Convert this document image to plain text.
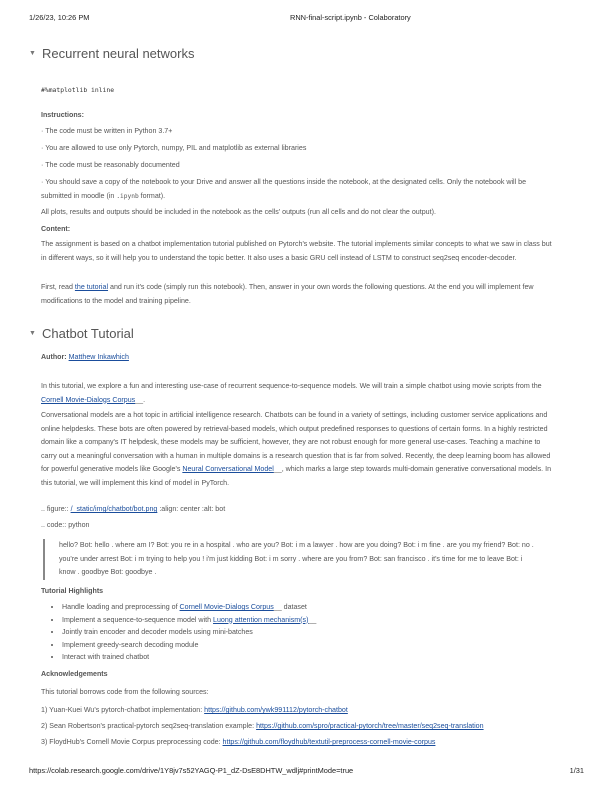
1/26/23, 10:26 PM	RNN-final-script.ipynb - Colaboratory
▼ Recurrent neural networks
#%matplotlib inline
Instructions:
· The code must be written in Python 3.7+
· You are allowed to use only Pytorch, numpy, PIL and matplotlib as external libraries
· The code must be reasonably documented
· You should save a copy of the notebook to your Drive and answer all the questions inside the notebook, at the designated cells. Only the notebook will be submitted in moodle (in .ipynb format).
All plots, results and outputs should be included in the notebook as the cells' outputs (run all cells and do not clear the output).
Content:
The assignment is based on a chatbot implementation tutorial published on Pytorch's website. The tutorial implements similar concepts to what we saw in class but in different ways, so it will help you to understand the topic better. It also uses a basic GRU cell instead of LSTM to construct seq2seq encoder-decoder.
First, read the tutorial and run it's code (simply run this notebook). Then, answer in your own words the following questions. At the end you will implement few modifications to the model and training pipeline.
▼ Chatbot Tutorial
Author: Matthew Inkawhich
In this tutorial, we explore a fun and interesting use-case of recurrent sequence-to-sequence models. We will train a simple chatbot using movie scripts from the Cornell Movie-Dialogs Corpus__.
Conversational models are a hot topic in artificial intelligence research. Chatbots can be found in a variety of settings, including customer service applications and online helpdesks. These bots are often powered by retrieval-based models, which output predefined responses to questions of certain forms. In a highly restricted domain like a company's IT helpdesk, these models may be sufficient, however, they are not robust enough for more general use-cases. Teaching a machine to carry out a meaningful conversation with a human in multiple domains is a research question that is far from solved. Recently, the deep learning boom has allowed for powerful generative models like Google's Neural Conversational Model__, which marks a large step towards multi-domain generative conversational models. In this tutorial, we will implement this kind of model in PyTorch.
.. figure:: /_static/img/chatbot/bot.png :align: center :alt: bot
.. code:: python
hello? Bot: hello . where am I? Bot: you re in a hospital . who are you? Bot: i m a lawyer . how are you doing? Bot: i m fine . are you my friend? Bot: no . you're under arrest Bot: i m trying to help you ! i'm just kidding Bot: i m sorry . where are you from? Bot: san francisco . it's time for me to leave Bot: i know . goodbye Bot: goodbye .
Tutorial Highlights
• Handle loading and preprocessing of Cornell Movie-Dialogs Corpus__ dataset
• Implement a sequence-to-sequence model with Luong attention mechanism(s)__
• Jointly train encoder and decoder models using mini-batches
• Implement greedy-search decoding module
• Interact with trained chatbot
Acknowledgements
This tutorial borrows code from the following sources:
1) Yuan-Kuei Wu's pytorch-chatbot implementation: https://github.com/ywk991112/pytorch-chatbot
2) Sean Robertson's practical-pytorch seq2seq-translation example: https://github.com/spro/practical-pytorch/tree/master/seq2seq-translation
3) FloydHub's Cornell Movie Corpus preprocessing code: https://github.com/floydhub/textutil-preprocess-cornell-movie-corpus
https://colab.research.google.com/drive/1Y8jv7s52YAGQ-P1_dZ-DsE8DHTW_wdlj#printMode=true	1/31
